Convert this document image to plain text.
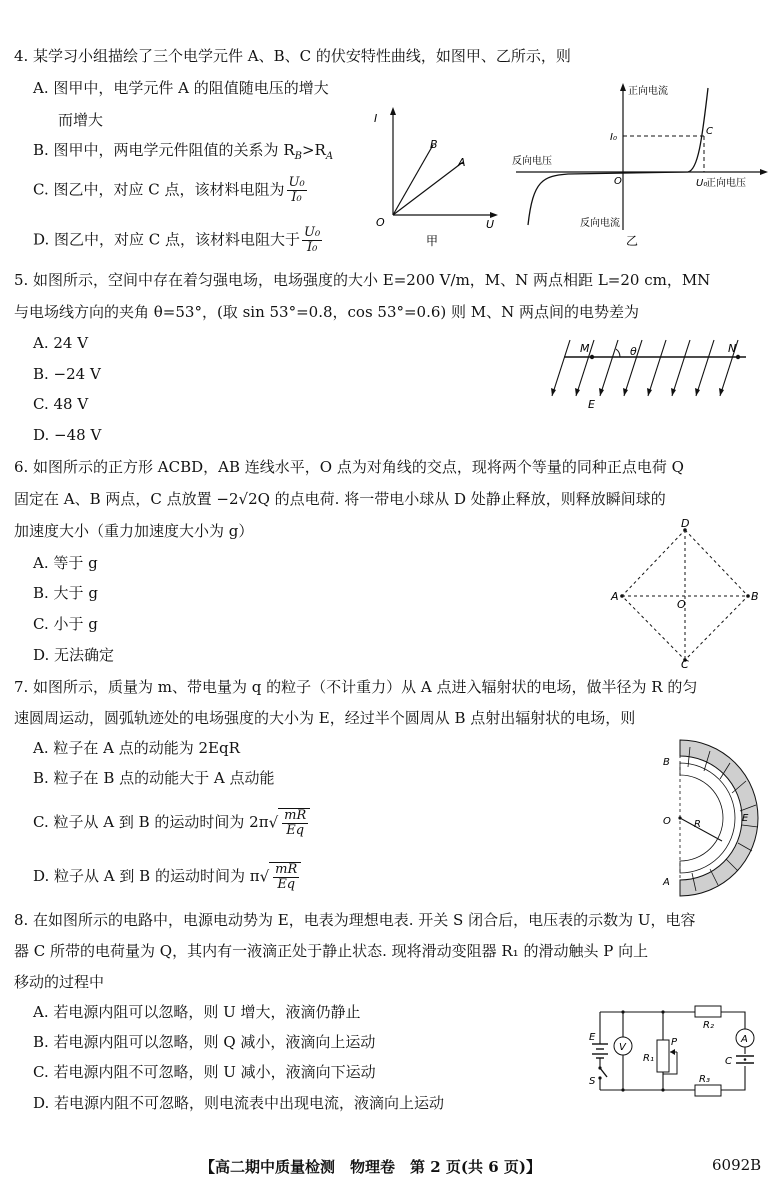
4. 某学习小组描绘了三个电学元件 A、B、C 的伏安特性曲线，如图甲、乙所示，则
A. 图甲中，电学元件 A 的阻值随电压的增大
而增大
B. 图甲中，两电学元件阻值的关系为 $R_B>R_A$
C. 图乙中，对应 C 点，该材料电阻为 $\frac{\text{U₀}}{\text{I₀}}$
D. 图乙中，对应 C 点，该材料电阻大于 $\frac{\text{U₀}}{\text{I₀}}$
I
U
O
B
A
甲
正向电流
正向电压
反向电压
反向电流
I₀
U₀
C
O
乙
5. 如图所示，空间中存在着匀强电场，电场强度的大小 E=200 V/m，M、N 两点相距 L=20 cm，MN
与电场线方向的夹角 θ=53°，(取 sin 53°=0.8，cos 53°=0.6) 则 M、N 两点间的电势差为
A. 24 V
B. −24 V
C. 48 V
D. −48 V
M	N
θ
E
6. 如图所示的正方形 ACBD，AB 连线水平，O 点为对角线的交点，现将两个等量的同种正点电荷 Q
固定在 A、B 两点，C 点放置 −2√2Q 的点电荷. 将一带电小球从 D 处静止释放，则释放瞬间球的
加速度大小（重力加速度大小为 g）
A. 等于 g
B. 大于 g
C. 小于 g
D. 无法确定
D
C
A	B
O
7. 如图所示，质量为 m、带电量为 q 的粒子（不计重力）从 A 点进入辐射状的电场，做半径为 R 的匀
速圆周运动，圆弧轨迹处的电场强度的大小为 E，经过半个圆周从 B 点射出辐射状的电场，则
A. 粒子在 A 点的动能为 2EqR
B. 粒子在 B 点的动能大于 A 点动能
C. 粒子从 A 到 B 的运动时间为 $2\pi√ \frac{mR}{Eq}$
D. 粒子从 A 到 B 的运动时间为 $\pi√ \frac{mR}{Eq}$
B
O
A
R
E
8. 在如图所示的电路中，电源电动势为 E，电表为理想电表. 开关 S 闭合后，电压表的示数为 U，电容
器 C 所带的电荷量为 Q，其内有一液滴正处于静止状态. 现将滑动变阻器 R₁ 的滑动触头 P 向上
移动的过程中
A. 若电源内阻可以忽略，则 U 增大，液滴仍静止
B. 若电源内阻可以忽略，则 Q 减小，液滴向上运动
C. 若电源内阻不可忽略，则 U 减小，液滴向下运动
D. 若电源内阻不可忽略，则电流表中出现电流，液滴向上运动
E
S
V
A
P
R₁
R₂
R₃
C
【高二期中质量检测　物理卷　第 2 页(共 6 页)】	6092B
